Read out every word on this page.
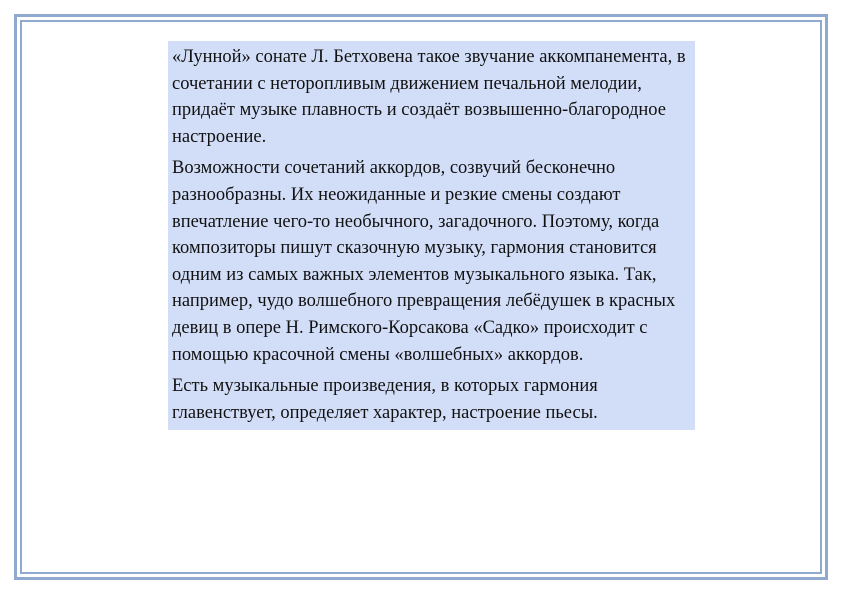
«Лунной» сонате Л. Бетховена такое звучание аккомпанемента, в сочетании с неторопливым движением печальной мелодии, придаёт музыке плавность и создаёт возвышенно-благородное настроение.

Возможности сочетаний аккордов, созвучий бесконечно разнообразны. Их неожиданные и резкие смены создают впечатление чего-то необычного, загадочного. Поэтому, когда композиторы пишут сказочную музыку, гармония становится одним из самых важных элементов музыкального языка. Так, например, чудо волшебного превращения лебёдушек в красных девиц в опере Н. Римского-Корсакова «Садко» происходит с помощью красочной смены «волшебных» аккордов.

Есть музыкальные произведения, в которых гармония главенствует, определяет характер, настроение пьесы.
